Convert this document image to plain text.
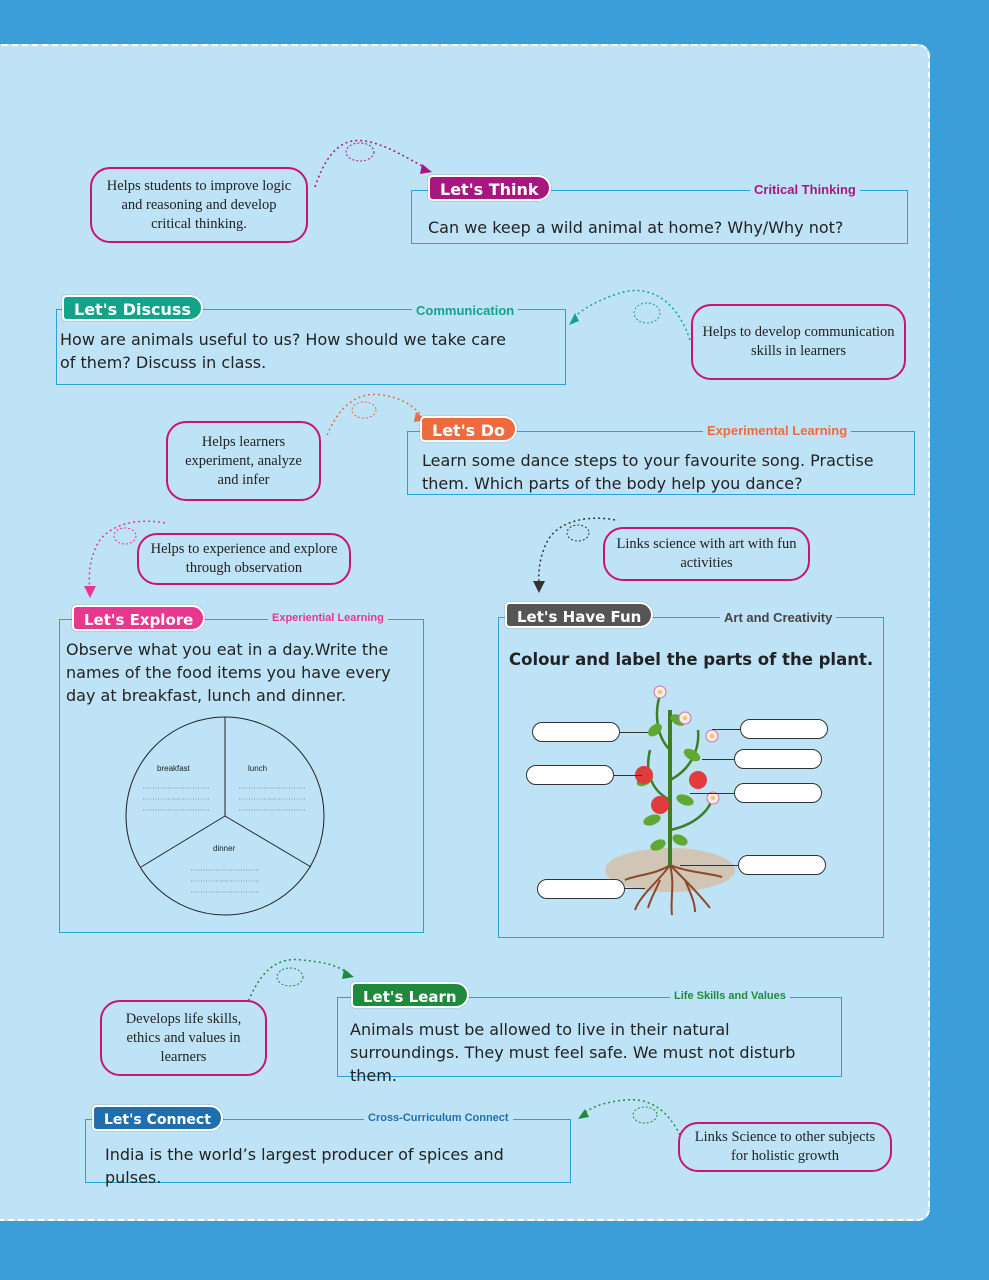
Helps students to improve logic and reasoning and develop critical thinking.
Let's Think	Critical Thinking
Can we keep a wild animal at home? Why/Why not?
Let's Discuss	Communication
How are animals useful to us? How should we take care of them? Discuss in class.
Helps to develop communication skills in learners
Helps learners experiment, analyze and infer
Let's Do	Experimental Learning
Learn some dance steps to your favourite song. Practise them. Which parts of the body help you dance?
Helps to experience and explore through observation
Let's Explore	Experiential Learning
Observe what you eat in a day.Write the names of the food items you have every day at breakfast, lunch and dinner.
breakfast	lunch
dinner
Links science with art with fun activities
Let's Have Fun	Art and Creativity
Colour and label the parts of the plant.
Develops life skills, ethics and values in learners
Let's Learn	Life Skills and Values
Animals must be allowed to live in their natural surroundings. They must feel safe. We must not disturb them.
Let's Connect	Cross-Curriculum Connect
India is the world’s largest producer of spices and pulses.
Links Science to other subjects for holistic growth
